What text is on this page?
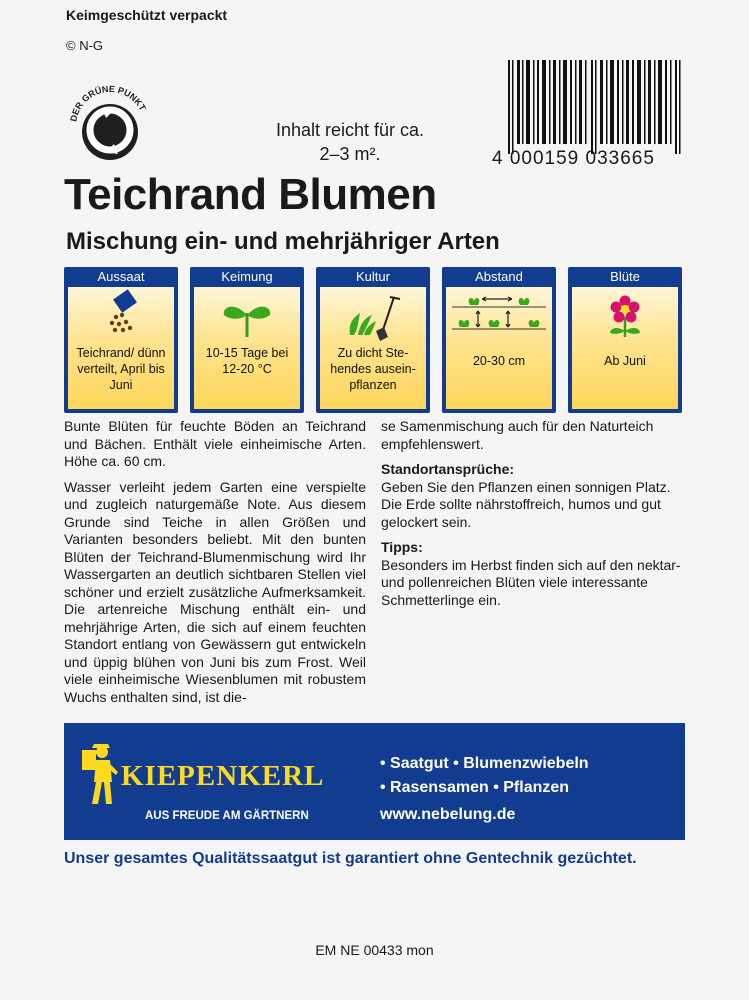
Keimgeschützt verpackt
© N-G
DER GRÜNE PUNKT
Inhalt reicht für ca. 2–3 m².	4 000159 033665
Teichrand Blumen
Mischung ein- und mehrjähriger Arten
Aussaat
Teichrand/ dünn verteilt, April bis Juni
Keimung
10-15 Tage bei 12-20 °C
Kultur
Zu dicht Ste- hendes ausein- pflanzen
Abstand
20-30 cm
Blüte
Ab Juni

Bunte Blüten für feuchte Böden an Teichrand und Bächen. Enthält viele einheimische Arten. Höhe ca. 60 cm.

Wasser verleiht jedem Garten eine verspielte und zugleich naturgemäße Note. Aus diesem Grunde sind Teiche in allen Größen und Varianten besonders beliebt. Mit den bunten Blüten der Teichrand-Blumenmischung wird Ihr Wassergarten an deutlich sichtbaren Stellen viel schöner und erzielt zusätzliche Aufmerksamkeit. Die artenreiche Mischung enthält ein- und mehrjährige Arten, die sich auf einem feuchten Standort entlang von Gewässern gut entwickeln und üppig blühen von Juni bis zum Frost. Weil viele einheimische Wiesenblumen mit robustem Wuchs enthalten sind, ist die-

se Samenmischung auch für den Naturteich empfehlenswert.

Standortansprüche:

Geben Sie den Pflanzen einen sonnigen Platz. Die Erde sollte nährstoffreich, humos und gut gelockert sein.

Tipps:

Besonders im Herbst finden sich auf den nektar- und pollenreichen Blüten viele interessante Schmetterlinge ein.

KIEPENKERL
AUS FREUDE AM GÄRTNERN
• Saatgut • Blumenzwiebeln
• Rasensamen • Pflanzen
www.nebelung.de
Unser gesamtes Qualitätssaatgut ist garantiert ohne Gentechnik gezüchtet.
EM NE 00433 mon
